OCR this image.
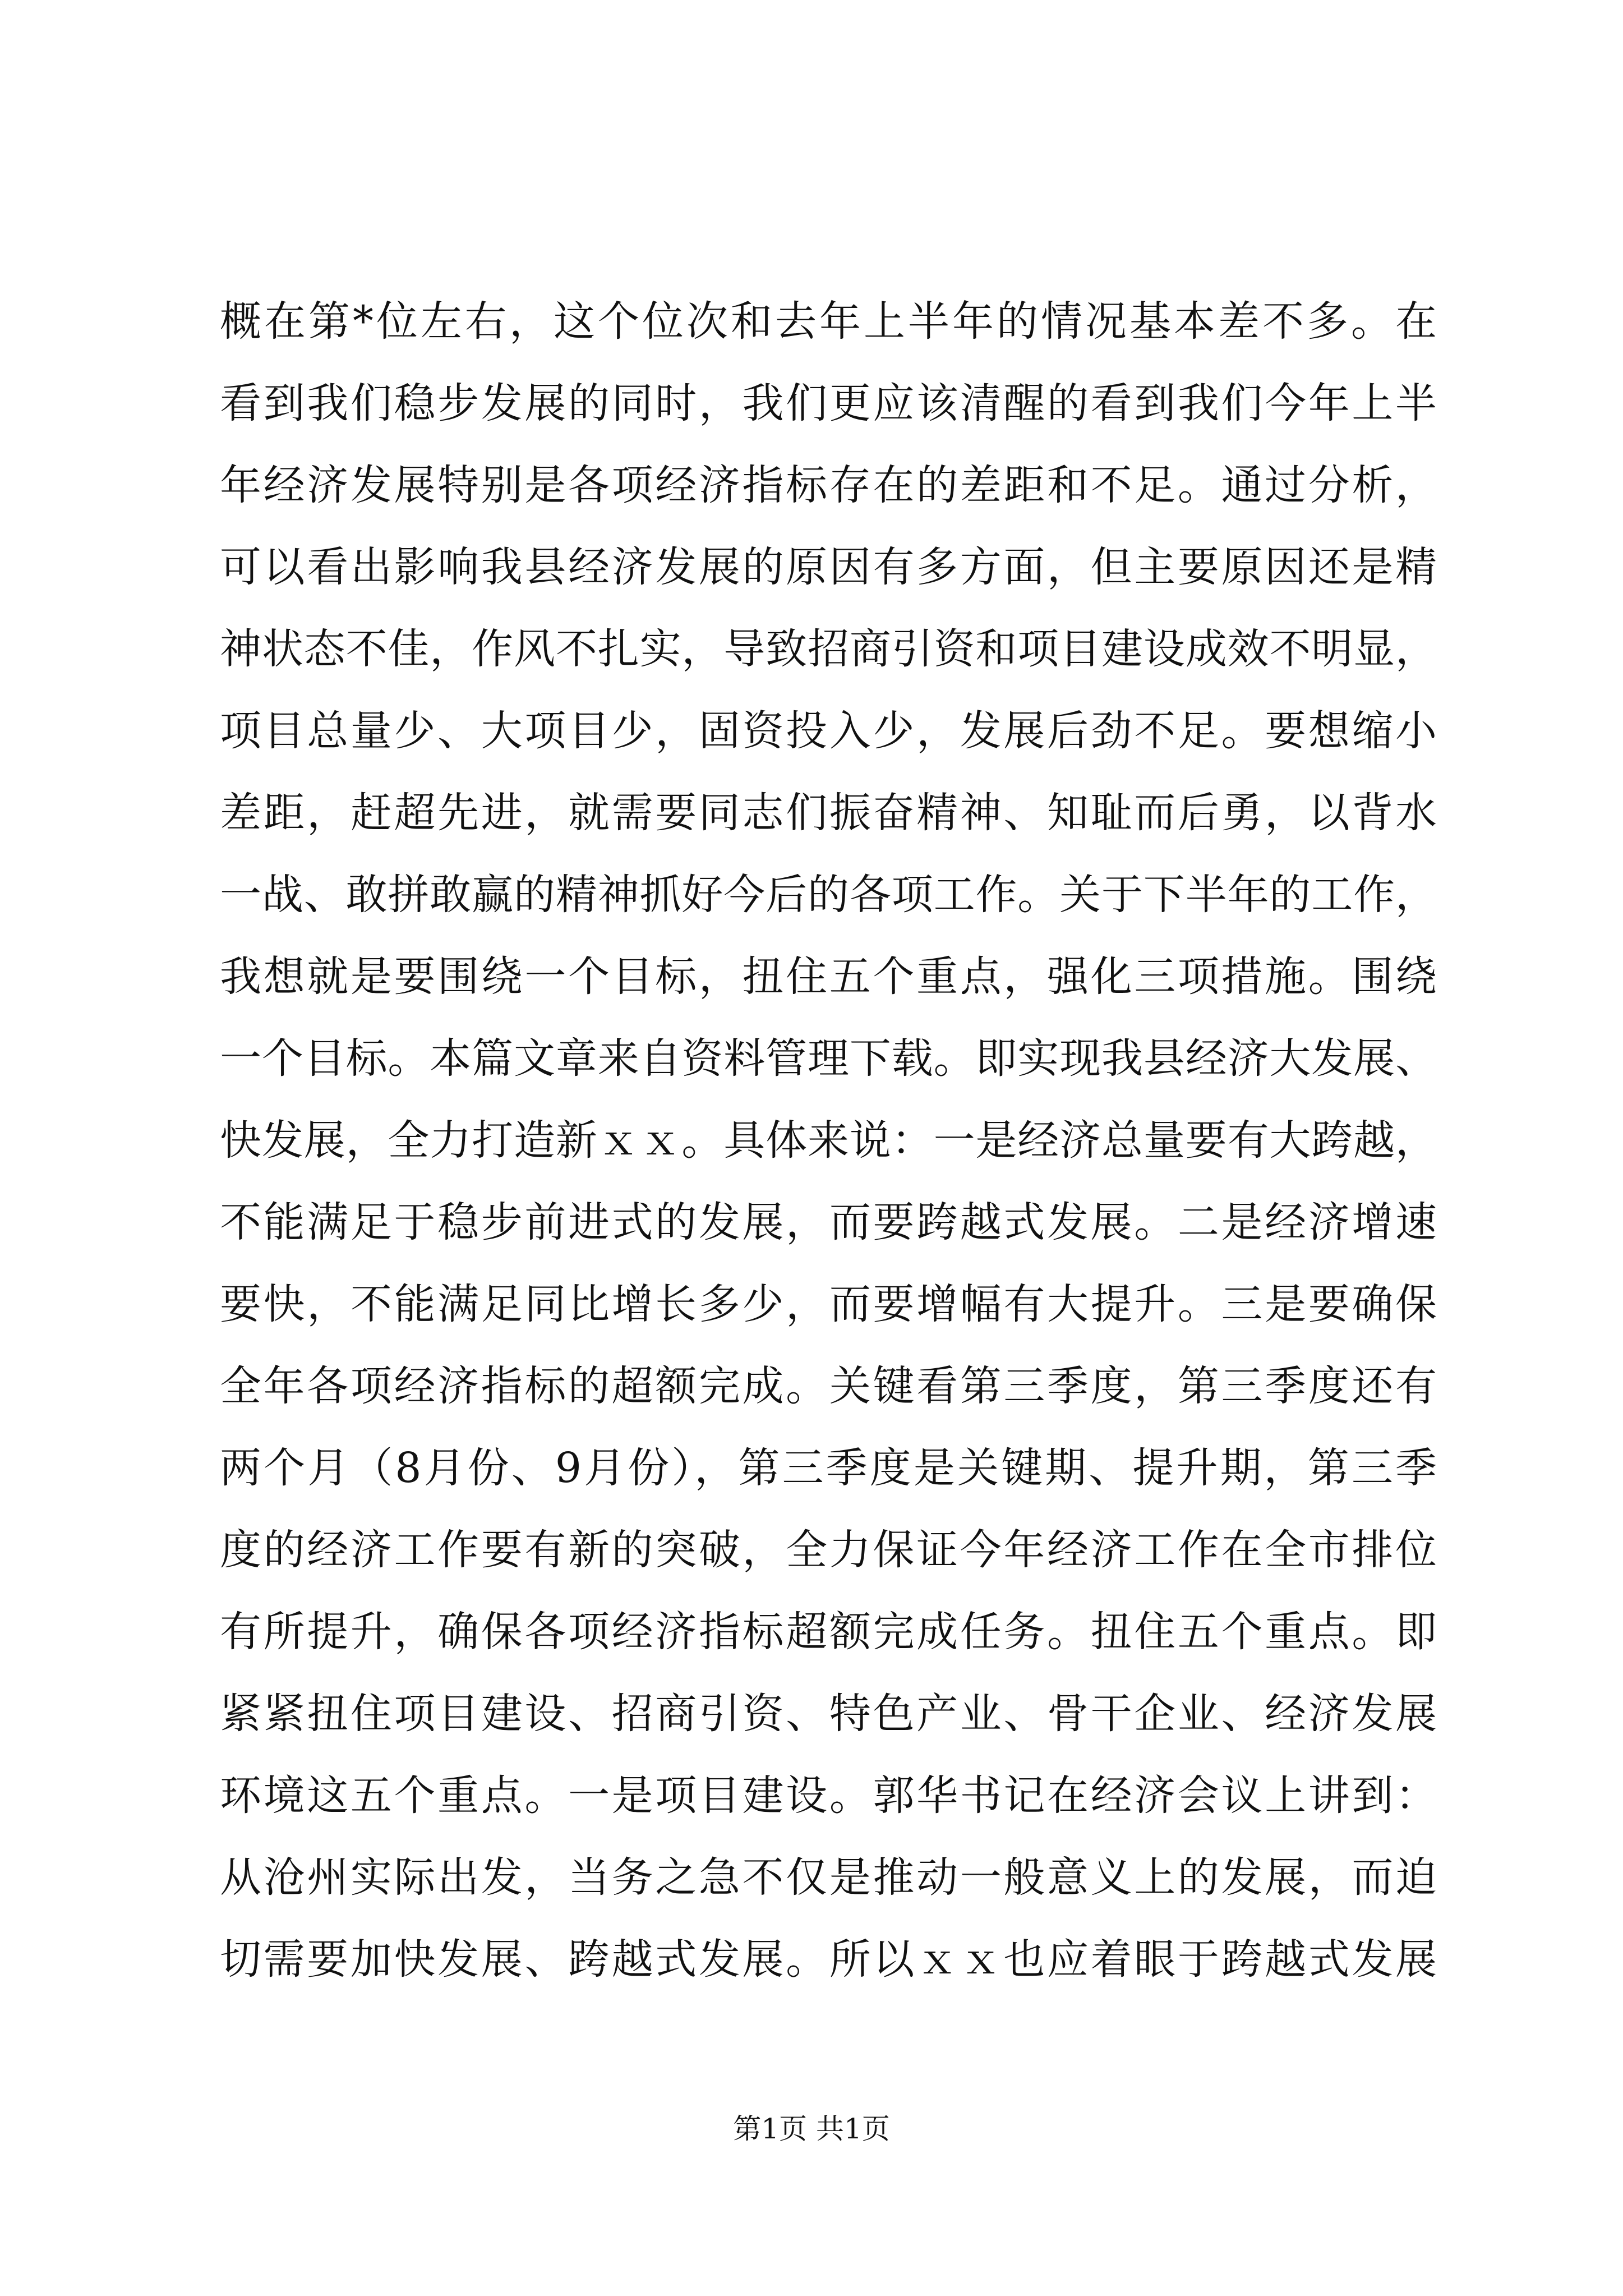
概在第*位左右，这个位次和去年上半年的情况基本差不多。在
看到我们稳步发展的同时，我们更应该清醒的看到我们今年上半
年经济发展特别是各项经济指标存在的差距和不足。通过分析，
可以看出影响我县经济发展的原因有多方面，但主要原因还是精
神状态不佳，作风不扎实，导致招商引资和项目建设成效不明显，
项目总量少、大项目少，固资投入少，发展后劲不足。要想缩小
差距，赶超先进，就需要同志们振奋精神、知耻而后勇，以背水
一战、敢拼敢赢的精神抓好今后的各项工作。关于下半年的工作，
我想就是要围绕一个目标，扭住五个重点，强化三项措施。围绕
一个目标。本篇文章来自资料管理下载。即实现我县经济大发展、
快发展，全力打造新ｘｘ。具体来说：一是经济总量要有大跨越，
不能满足于稳步前进式的发展，而要跨越式发展。二是经济增速
要快，不能满足同比增长多少，而要增幅有大提升。三是要确保
全年各项经济指标的超额完成。关键看第三季度，第三季度还有
两个月（8月份、9月份），第三季度是关键期、提升期，第三季
度的经济工作要有新的突破，全力保证今年经济工作在全市排位
有所提升，确保各项经济指标超额完成任务。扭住五个重点。即
紧紧扭住项目建设、招商引资、特色产业、骨干企业、经济发展
环境这五个重点。一是项目建设。郭华书记在经济会议上讲到：
从沧州实际出发，当务之急不仅是推动一般意义上的发展，而迫
切需要加快发展、跨越式发展。所以ｘｘ也应着眼于跨越式发展
第1页 共1页
